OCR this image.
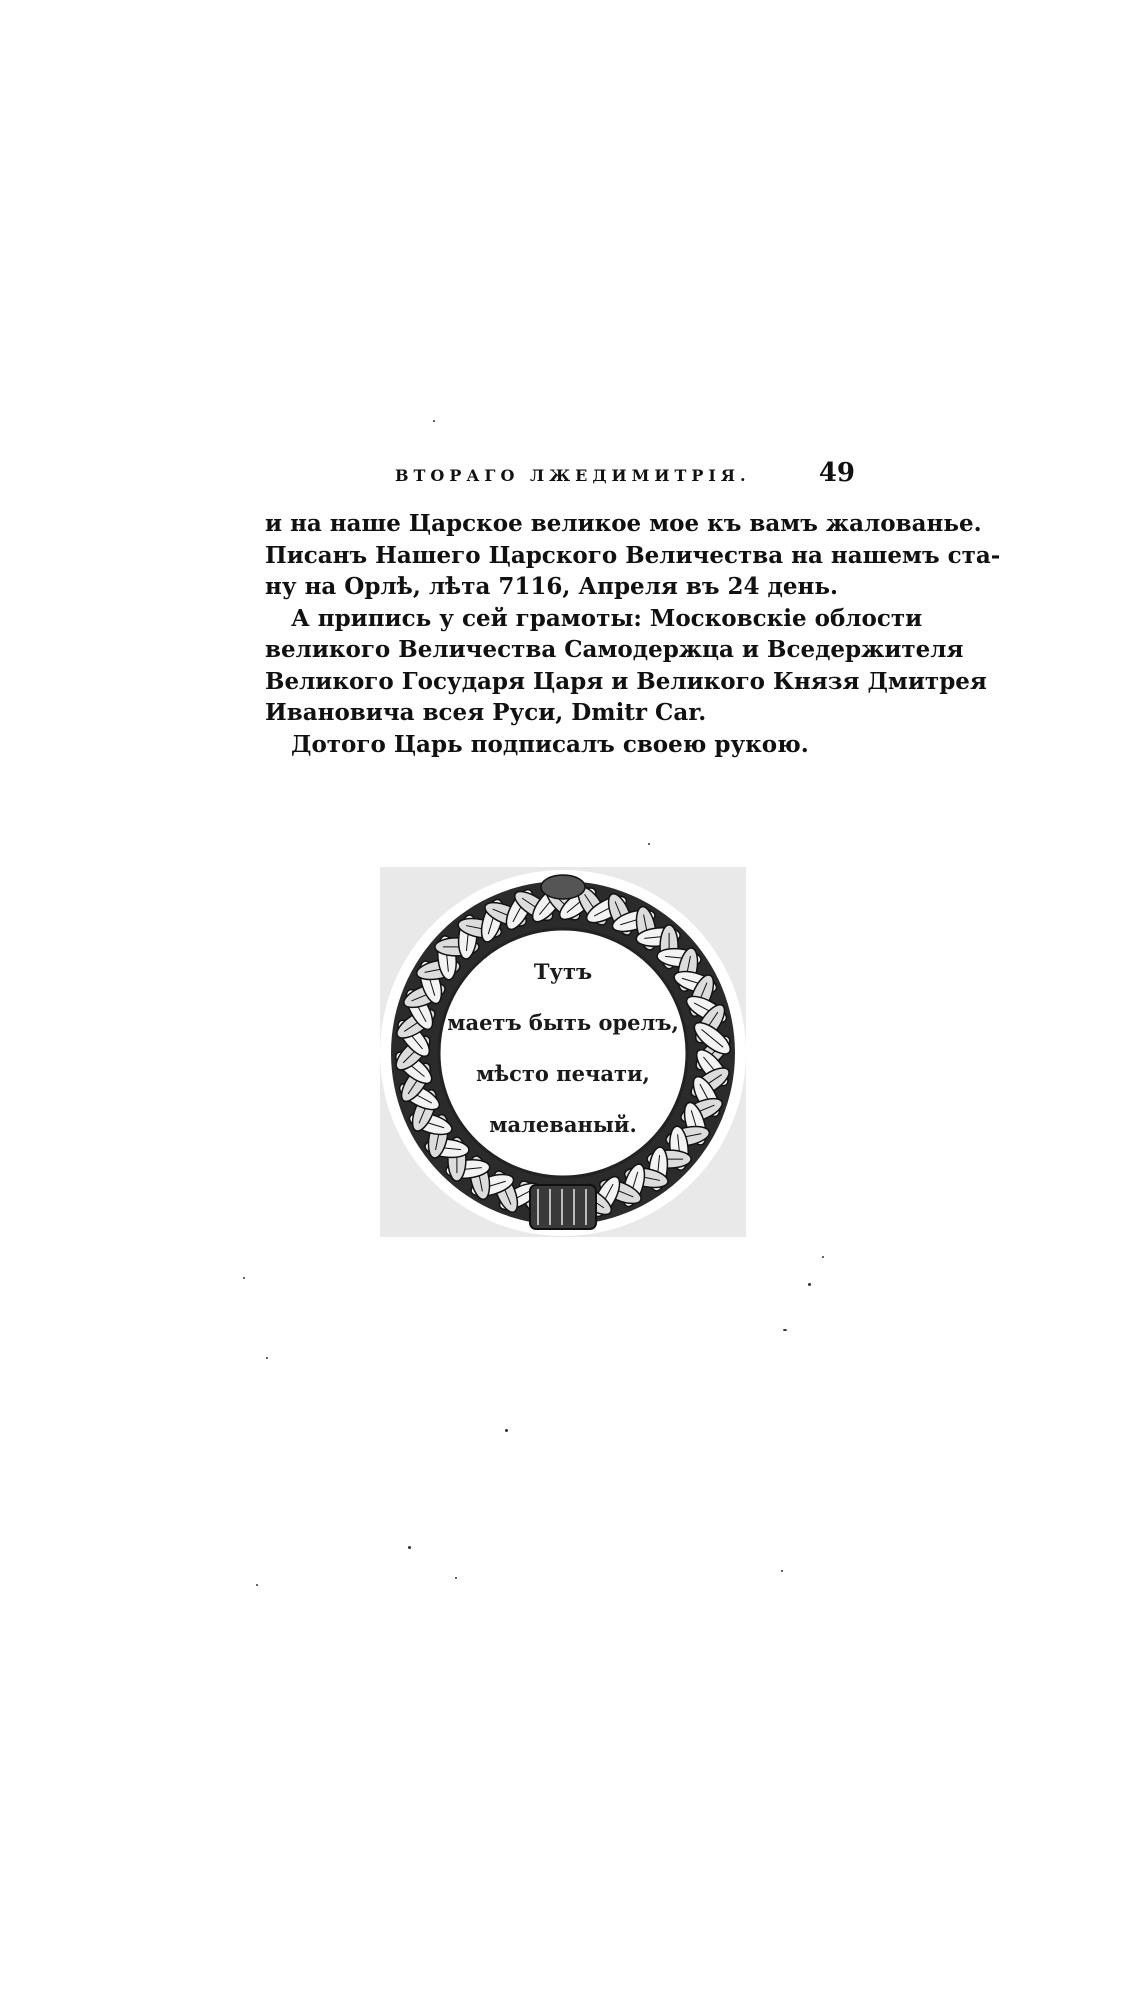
ВТОРАГО ЛЖЕДИМИТРІЯ.	49

и на наше Царское великое мое къ вамъ жалованье.

Писанъ Нашего Царского Величества на нашемъ ста-

ну на Орлѣ, лѣта 7116, Апреля въ 24 день.

А припись у сей грамоты: Московскіе облости

великого Величества Самодержца и Вседержителя

Великого Государя Царя и Великого Князя Дмитрея

Ивановича всея Руси, Dmitr Car.

Дотого Царь подписалъ своею рукою.

Тутъ
маетъ быть орелъ,
мѣсто печати,
малеваный.
